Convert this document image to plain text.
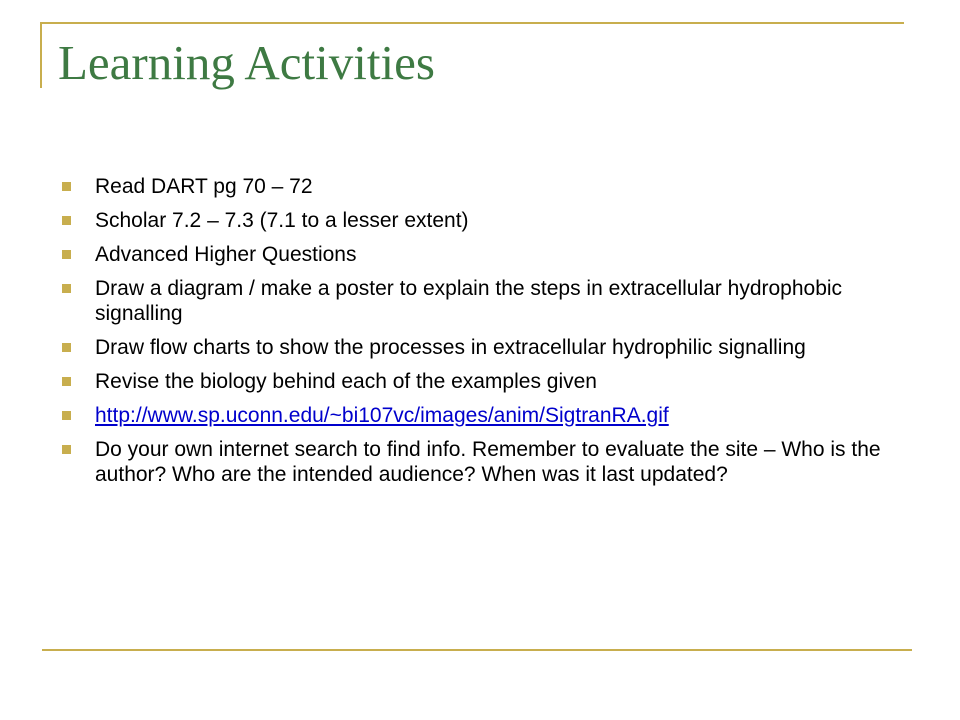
Learning Activities
Read DART pg 70 – 72
Scholar 7.2 – 7.3 (7.1 to a lesser extent)
Advanced Higher Questions
Draw a diagram / make a poster to explain the steps in extracellular hydrophobic signalling
Draw flow charts to show the processes in extracellular hydrophilic signalling
Revise the biology behind each of the examples given
http://www.sp.uconn.edu/~bi107vc/images/anim/SigtranRA.gif
Do your own internet search to find info. Remember to evaluate the site – Who is the author? Who are the intended audience? When was it last updated?
